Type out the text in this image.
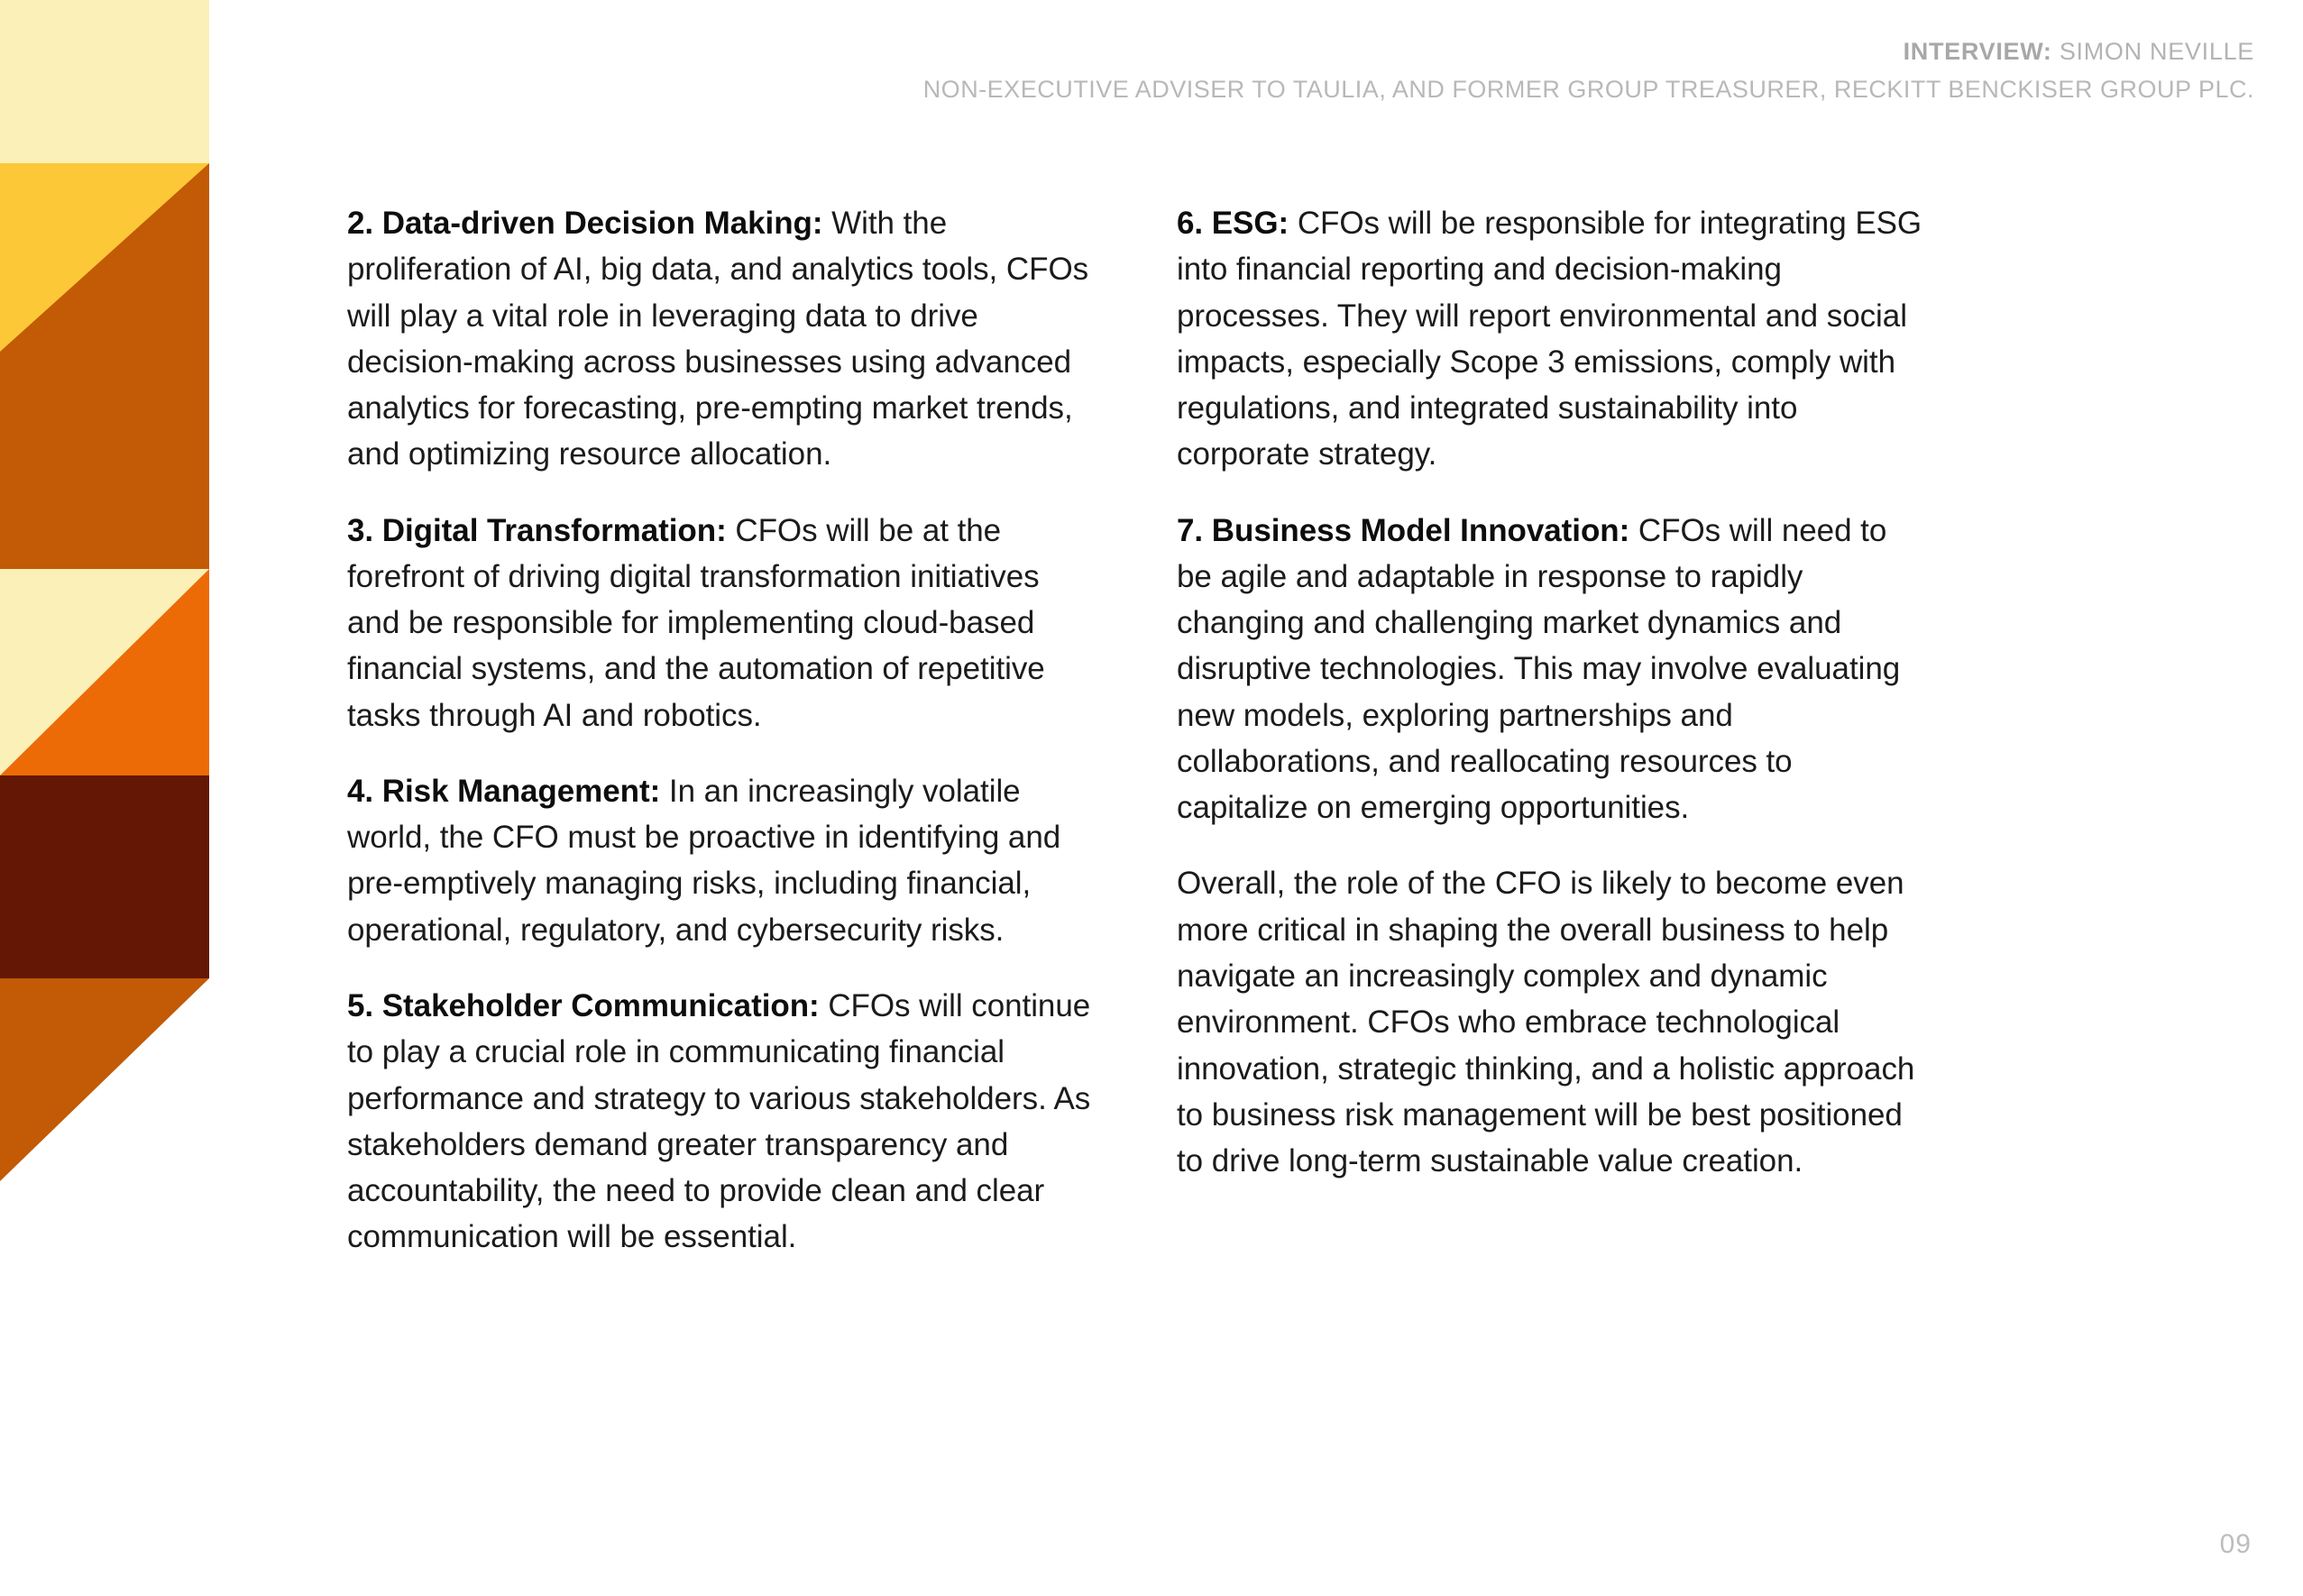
INTERVIEW: SIMON NEVILLE
NON-EXECUTIVE ADVISER TO TAULIA, AND FORMER GROUP TREASURER, RECKITT BENCKISER GROUP PLC.

2. Data-driven Decision Making: With the proliferation of AI, big data, and analytics tools, CFOs will play a vital role in leveraging data to drive decision-making across businesses using advanced analytics for forecasting, pre-empting market trends, and optimizing resource allocation.

3. Digital Transformation: CFOs will be at the forefront of driving digital transformation initiatives and be responsible for implementing cloud-based financial systems, and the automation of repetitive tasks through AI and robotics.

4. Risk Management: In an increasingly volatile world, the CFO must be proactive in identifying and pre-emptively managing risks, including financial, operational, regulatory, and cybersecurity risks.

5. Stakeholder Communication: CFOs will continue to play a crucial role in communicating financial performance and strategy to various stakeholders. As stakeholders demand greater transparency and accountability, the need to provide clean and clear communication will be essential.

6. ESG: CFOs will be responsible for integrating ESG into financial reporting and decision-making processes. They will report environmental and social impacts, especially Scope 3 emissions, comply with regulations, and integrated sustainability into corporate strategy.

7. Business Model Innovation: CFOs will need to be agile and adaptable in response to rapidly changing and challenging market dynamics and disruptive technologies. This may involve evaluating new models, exploring partnerships and collaborations, and reallocating resources to capitalize on emerging opportunities.

Overall, the role of the CFO is likely to become even more critical in shaping the overall business to help navigate an increasingly complex and dynamic environment. CFOs who embrace technological innovation, strategic thinking, and a holistic approach to business risk management will be best positioned to drive long-term sustainable value creation.

09
